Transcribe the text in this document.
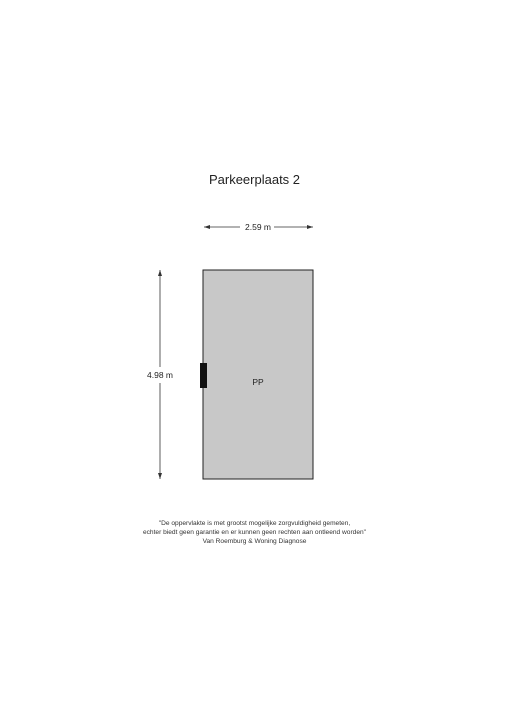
Parkeerplaats 2
2.59 m
4.98 m
PP
"De oppervlakte is met grootst mogelijke zorgvuldigheid gemeten,
echter biedt geen garantie en er kunnen geen rechten aan ontleend worden"
Van Roemburg & Woning Diagnose
